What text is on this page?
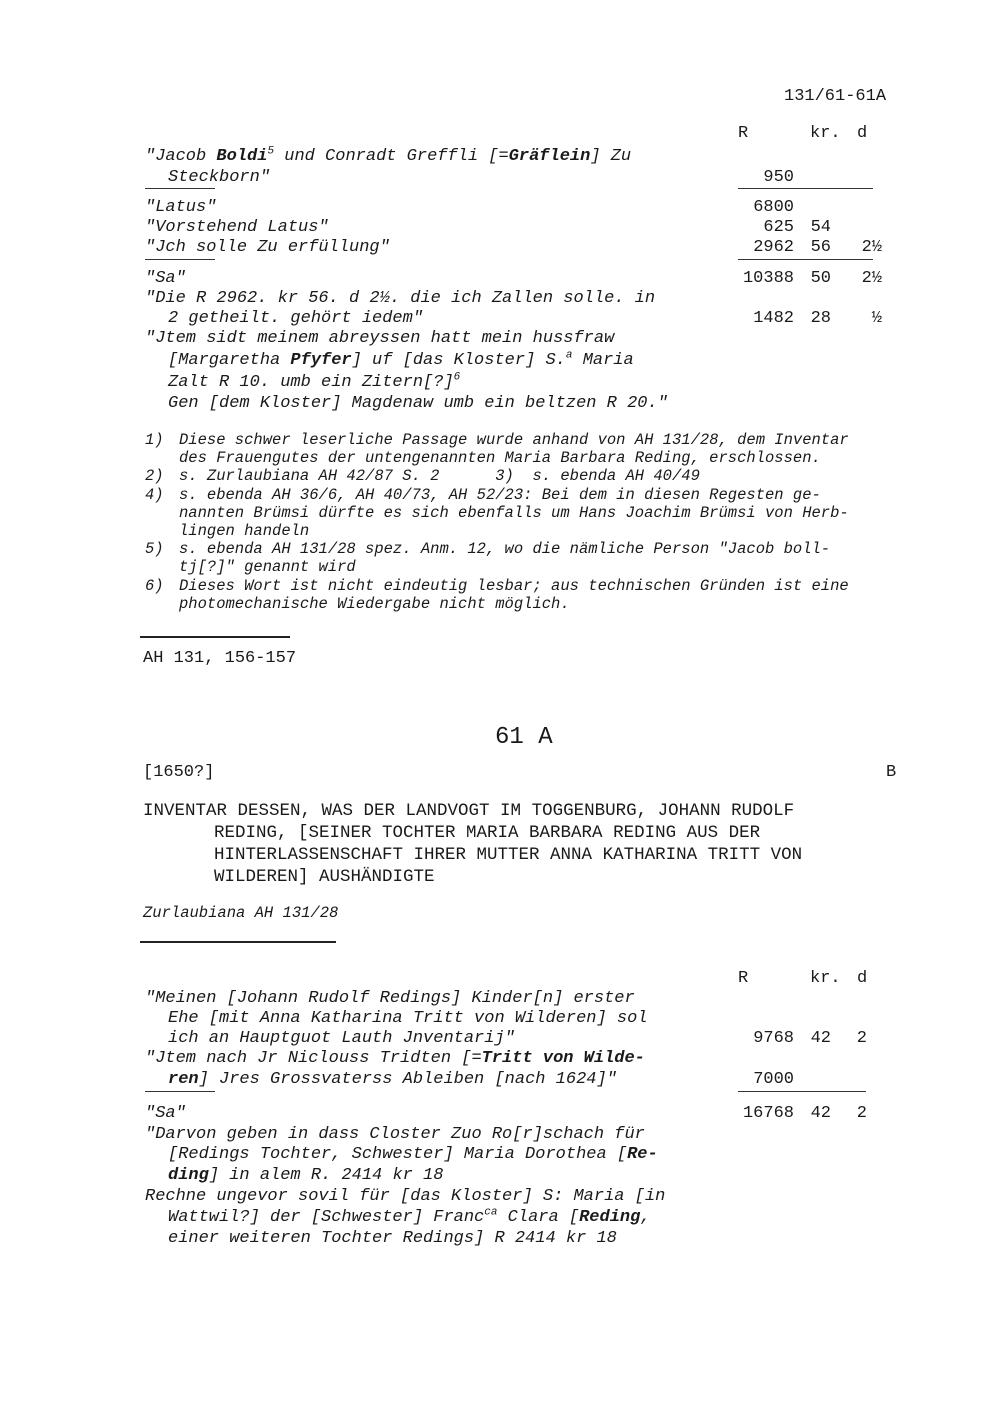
131/61-61A
R	kr. d
"Jacob Boldi$^5$ und Conradt Greffli [=Gräflein] Zu
Steckborn"	950
"Latus"	6800
"Vorstehend Latus"	625 54
"Jch solle Zu erfüllung"	2962 56	2½
"Sa"	10388 50	2½
"Die R 2962. kr 56. d 2½. die ich Zallen solle. in
2 getheilt. gehört iedem"	1482 28	½
"Jtem sidt meinem abreyssen hatt mein hussfraw
[Margaretha Pfyfer] uf [das Kloster] S.$^a$ Maria
Zalt R 10. umb ein Zitern[?]$^6$
Gen [dem Kloster] Magdenaw umb ein beltzen R 20."
1) Diese schwer leserliche Passage wurde anhand von AH 131/28, dem Inventar
des Frauengutes der untengenannten Maria Barbara Reding, erschlossen.
2) s. Zurlaubiana AH 42/87 S. 2      3)  s. ebenda AH 40/49
4) s. ebenda AH 36/6, AH 40/73, AH 52/23: Bei dem in diesen Regesten ge-
nannten Brümsi dürfte es sich ebenfalls um Hans Joachim Brümsi von Herb-
lingen handeln
5) s. ebenda AH 131/28 spez. Anm. 12, wo die nämliche Person "Jacob boll-
tj[?]" genannt wird
6) Dieses Wort ist nicht eindeutig lesbar; aus technischen Gründen ist eine
photomechanische Wiedergabe nicht möglich.
AH 131, 156-157
61 A
[1650?]	B
INVENTAR DESSEN, WAS DER LANDVOGT IM TOGGENBURG, JOHANN RUDOLF
REDING, [SEINER TOCHTER MARIA BARBARA REDING AUS DER
HINTERLASSENSCHAFT IHRER MUTTER ANNA KATHARINA TRITT VON
WILDEREN] AUSHÄNDIGTE
Zurlaubiana AH 131/28
R	kr. d
"Meinen [Johann Rudolf Redings] Kinder[n] erster
Ehe [mit Anna Katharina Tritt von Wilderen] sol
ich an Hauptguot Lauth Jnventarij"	9768 42	2
"Jtem nach Jr Niclouss Tridten [=Tritt von Wilde-
ren] Jres Grossvaterss Ableiben [nach 1624]"	7000
"Sa"	16768 42	2
"Darvon geben in dass Closter Zuo Ro[r]schach für
[Redings Tochter, Schwester] Maria Dorothea [Re-
ding] in alem R. 2414 kr 18
Rechne ungevor sovil für [das Kloster] S: Maria [in
Wattwil?] der [Schwester] Franc$^{ca}$ Clara [Reding,
einer weiteren Tochter Redings] R 2414 kr 18
